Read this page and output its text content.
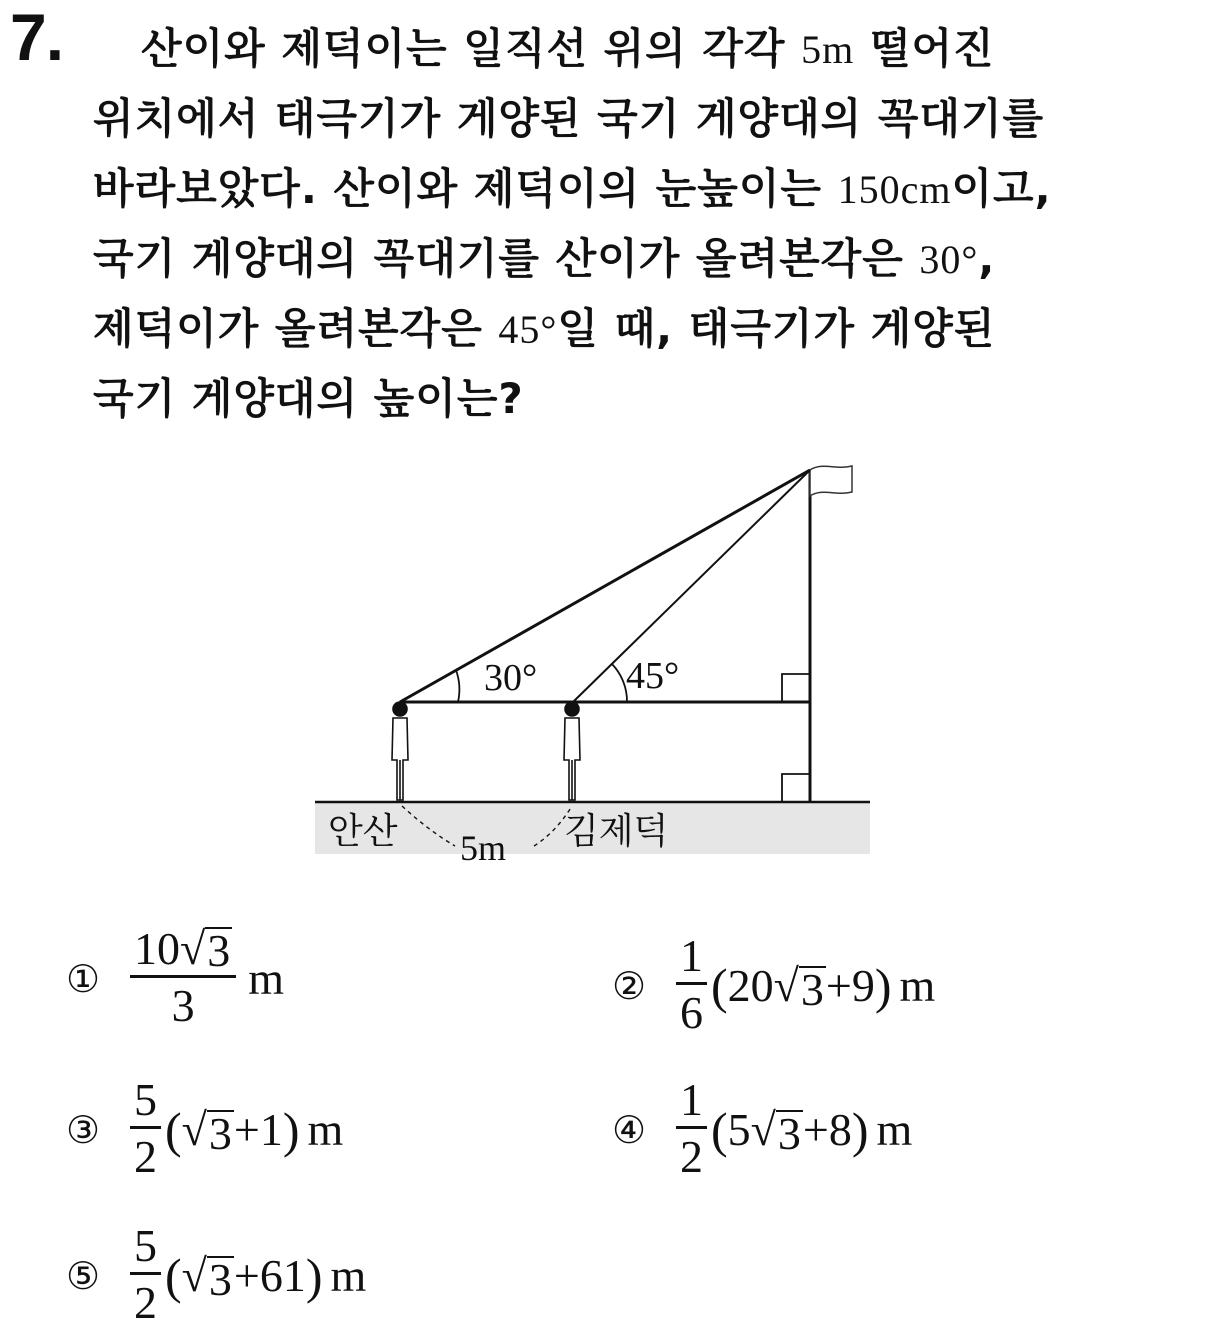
7.	산이와 제덕이는 일직선 위의 각각 5m 떨어진
위치에서 태극기가 게양된 국기 게양대의 꼭대기를
바라보았다. 산이와 제덕이의 눈높이는 150cm이고,
국기 게양대의 꼭대기를 산이가 올려본각은 30°,
제덕이가 올려본각은 45°일 때, 태극기가 게양된
국기 게양대의 높이는?
30° 45°
안산 5m 김제덕
① $\frac{10 √ 3}{3}$ m	② $\frac{1}{6}$ ( 20 √ 3 +9 ) m
③ $\frac{5}{2}$ ( √ 3 +1 ) m	④ $\frac{1}{2}$ ( 5 √ 3 +8 ) m
⑤ $\frac{5}{2}$ ( √ 3 +61 ) m
